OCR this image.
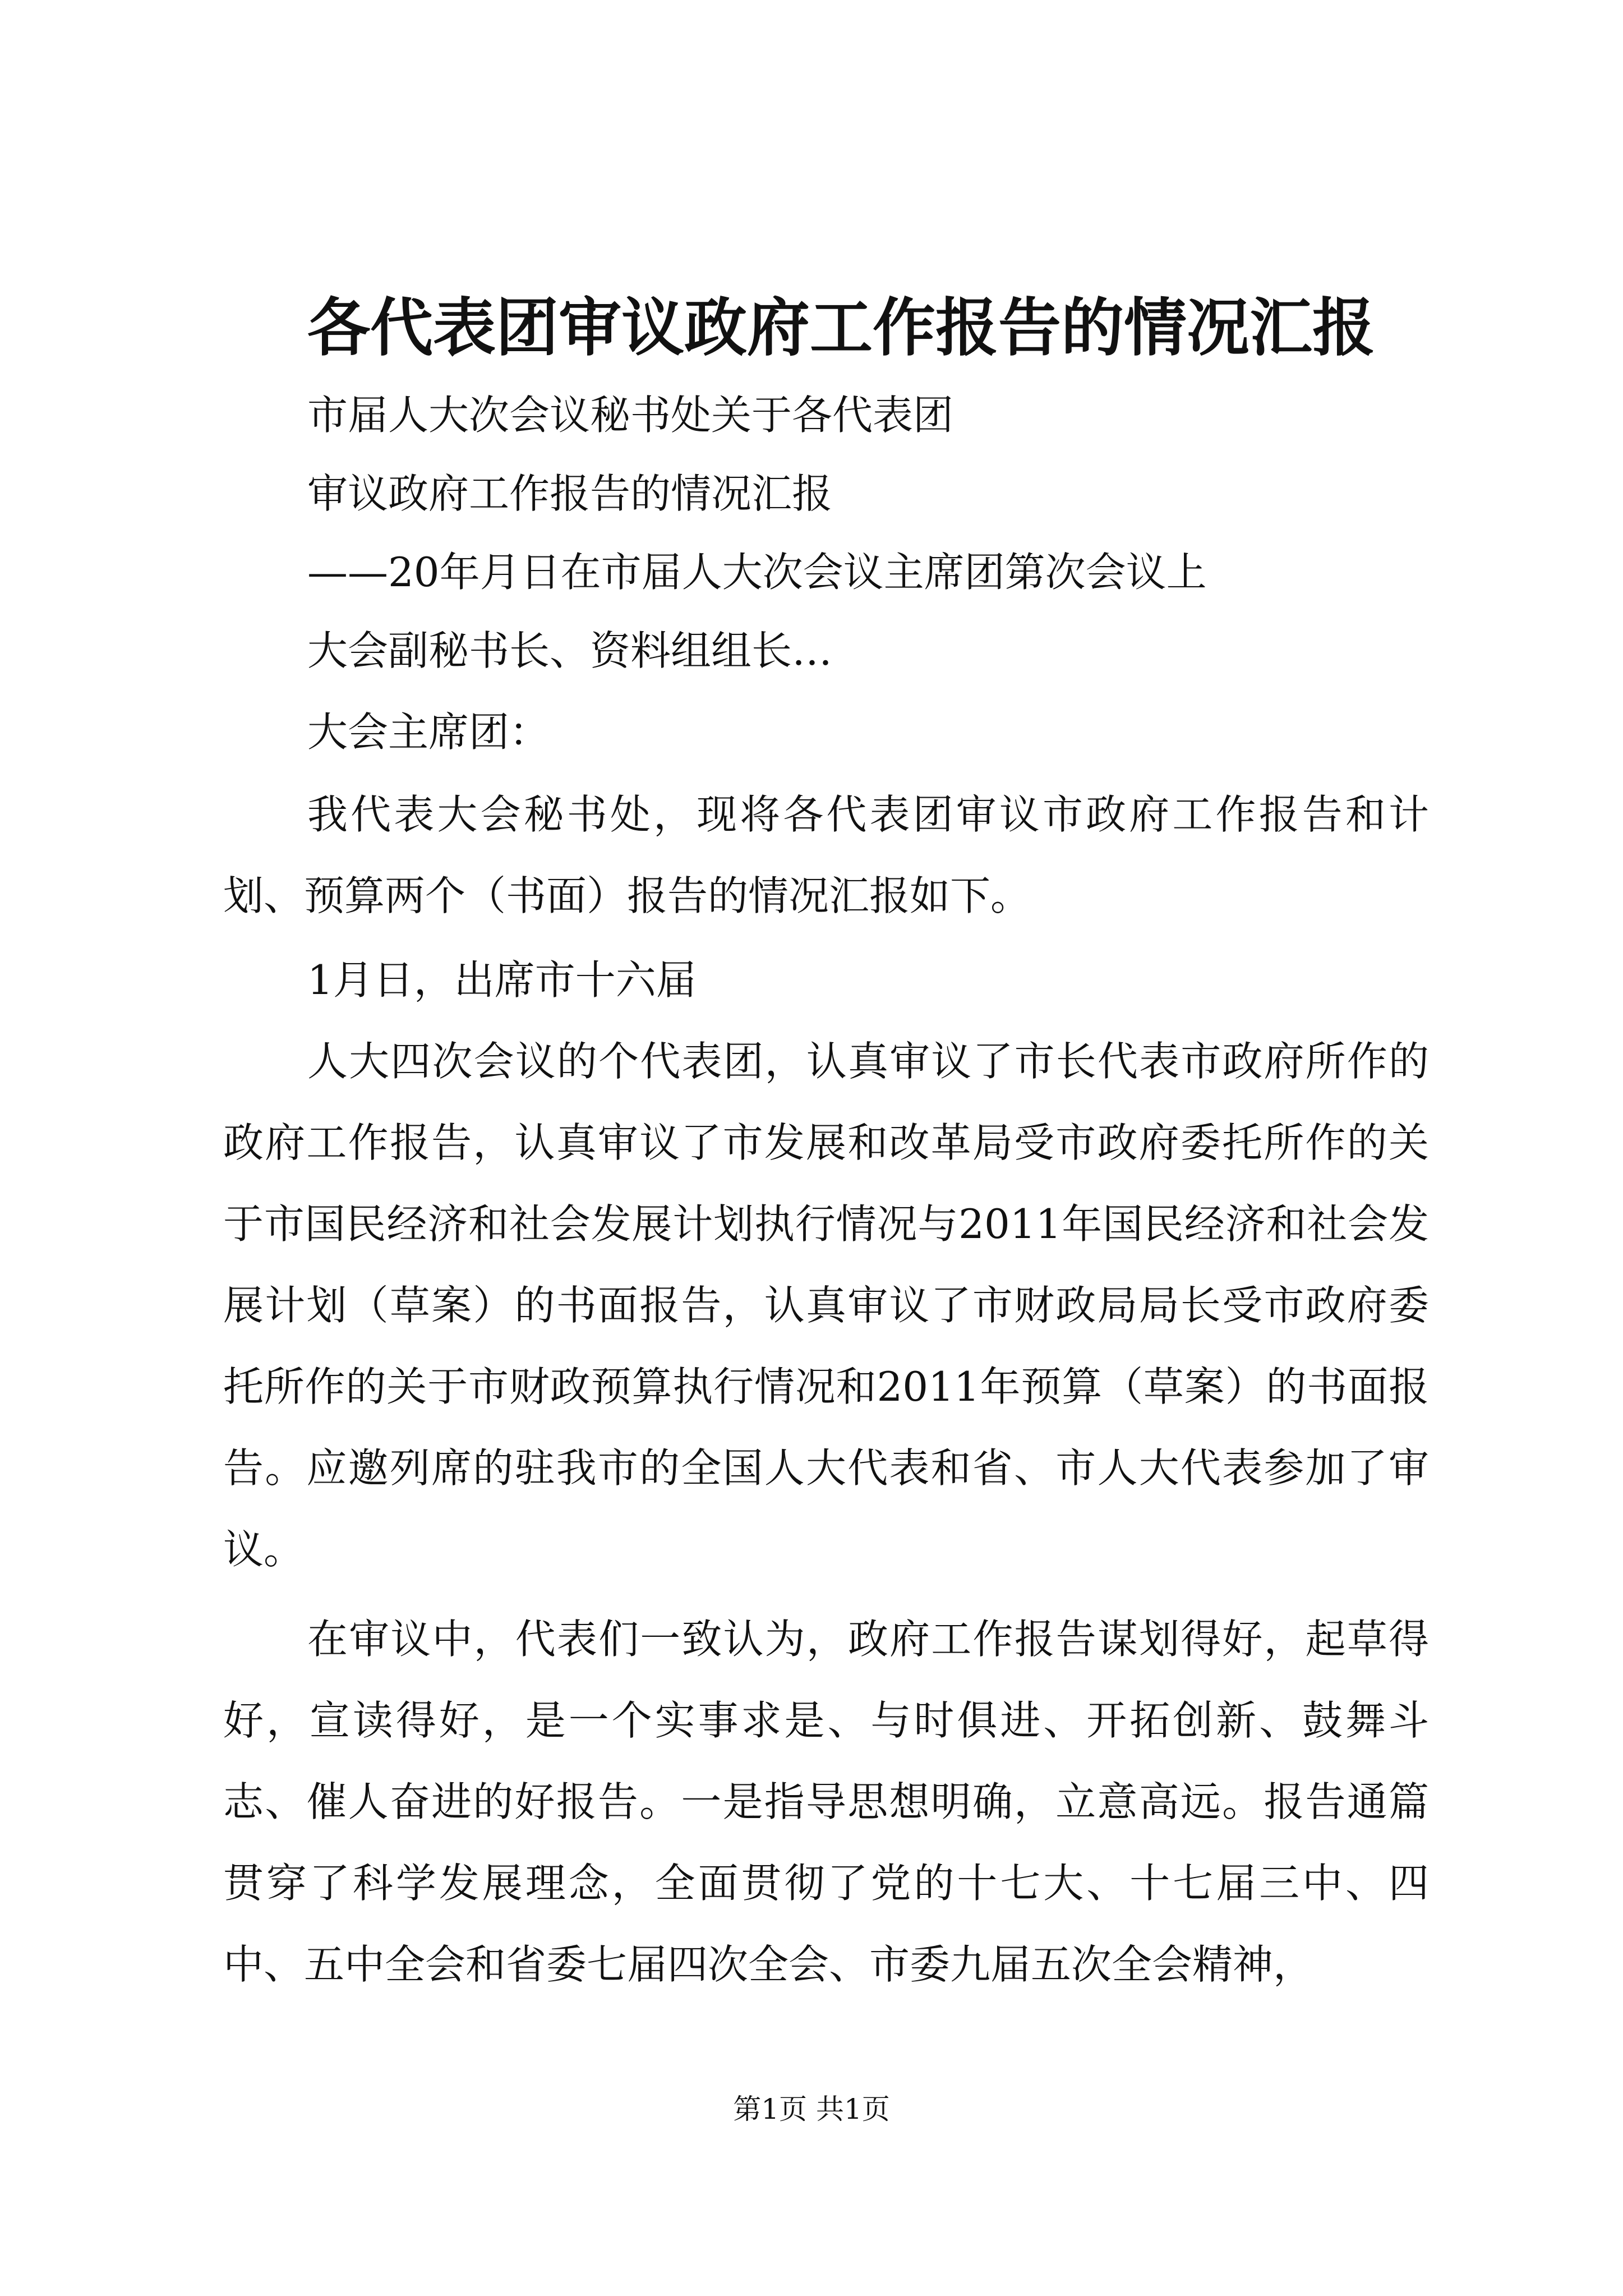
各代表团审议政府工作报告的情况汇报

市届人大次会议秘书处关于各代表团

审议政府工作报告的情况汇报

——20年月日在市届人大次会议主席团第次会议上

大会副秘书长、资料组组长…

大会主席团：

我代表大会秘书处，现将各代表团审议市政府工作报告和计划、预算两个（书面）报告的情况汇报如下。

1月日，出席市十六届

人大四次会议的个代表团，认真审议了市长代表市政府所作的政府工作报告，认真审议了市发展和改革局受市政府委托所作的关于市国民经济和社会发展计划执行情况与2011年国民经济和社会发展计划（草案）的书面报告，认真审议了市财政局局长受市政府委托所作的关于市财政预算执行情况和2011年预算（草案）的书面报告。应邀列席的驻我市的全国人大代表和省、市人大代表参加了审议。

在审议中，代表们一致认为，政府工作报告谋划得好，起草得好，宣读得好，是一个实事求是、与时俱进、开拓创新、鼓舞斗志、催人奋进的好报告。一是指导思想明确，立意高远。报告通篇贯穿了科学发展理念，全面贯彻了党的十七大、十七届三中、四中、五中全会和省委七届四次全会、市委九届五次全会精神，

第1页 共1页
